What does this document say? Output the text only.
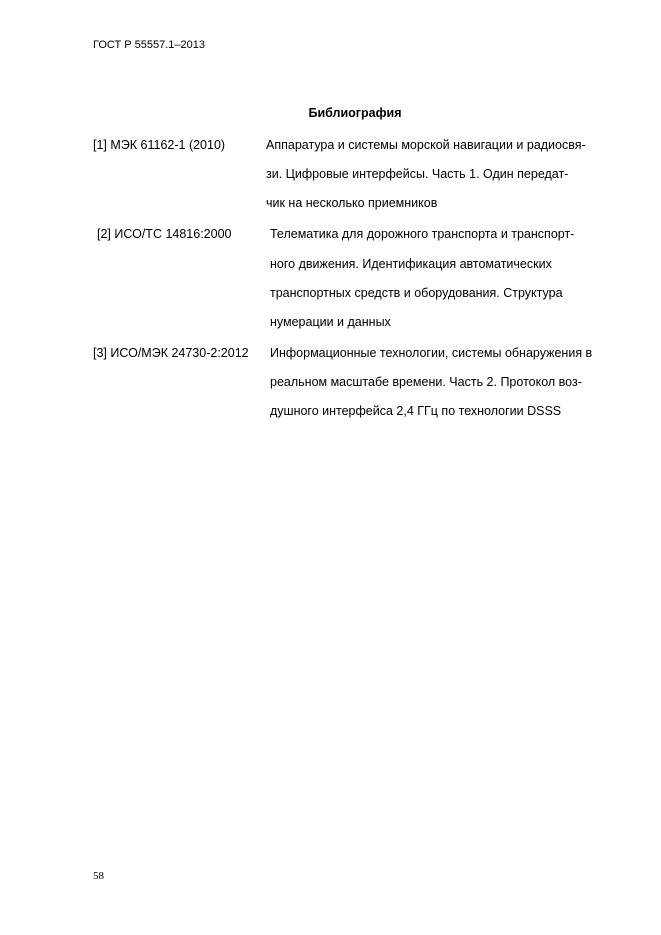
ГОСТ Р 55557.1–2013
Библиография
[1] МЭК 61162-1 (2010)	Аппаратура и системы морской навигации и радиосвя-
зи. Цифровые интерфейсы. Часть 1. Один передат-
чик на несколько приемников
[2] ИСО/ТС 14816:2000	Телематика для дорожного транспорта и транспорт-
ного движения. Идентификация автоматических
транспортных средств и оборудования. Структура
нумерации и данных
[3] ИСО/МЭК 24730-2:2012 Информационные технологии, системы обнаружения в
реальном масштабе времени. Часть 2. Протокол воз-
душного интерфейса 2,4 ГГц по технологии DSSS
58
